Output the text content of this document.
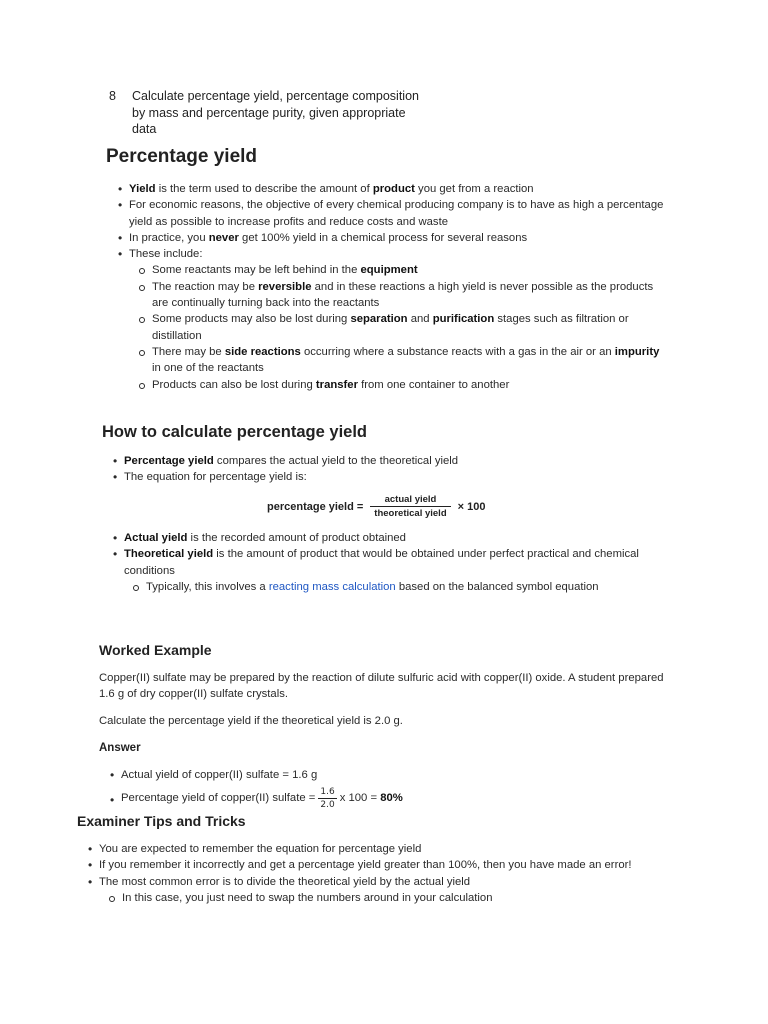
8 Calculate percentage yield, percentage composition by mass and percentage purity, given appropriate data
Percentage yield
• Yield is the term used to describe the amount of product you get from a reaction
• For economic reasons, the objective of every chemical producing company is to have as high a percentage yield as possible to increase profits and reduce costs and waste
• In practice, you never get 100% yield in a chemical process for several reasons
• These include:
Some reactants may be left behind in the equipment
The reaction may be reversible and in these reactions a high yield is never possible as the products are continually turning back into the reactants
Some products may also be lost during separation and purification stages such as filtration or distillation
There may be side reactions occurring where a substance reacts with a gas in the air or an impurity in one of the reactants
Products can also be lost during transfer from one container to another
How to calculate percentage yield
• Percentage yield compares the actual yield to the theoretical yield
• The equation for percentage yield is:
percentage yield = $\frac{\text{actual yield}}{\text{theoretical yield}} \times 100$
• Actual yield is the recorded amount of product obtained
• Theoretical yield is the amount of product that would be obtained under perfect practical and chemical conditions
Typically, this involves a reacting mass calculation based on the balanced symbol equation
Worked Example

Copper(II) sulfate may be prepared by the reaction of dilute sulfuric acid with copper(II) oxide. A student prepared 1.6 g of dry copper(II) sulfate crystals.

Calculate the percentage yield if the theoretical yield is 2.0 g.

Answer

• Actual yield of copper(II) sulfate = 1.6 g
• Percentage yield of copper(II) sulfate =
1.6
2.0
x 100 =
80%
Examiner Tips and Tricks
• You are expected to remember the equation for percentage yield
• If you remember it incorrectly and get a percentage yield greater than 100%, then you have made an error!
• The most common error is to divide the theoretical yield by the actual yield
In this case, you just need to swap the numbers around in your calculation
